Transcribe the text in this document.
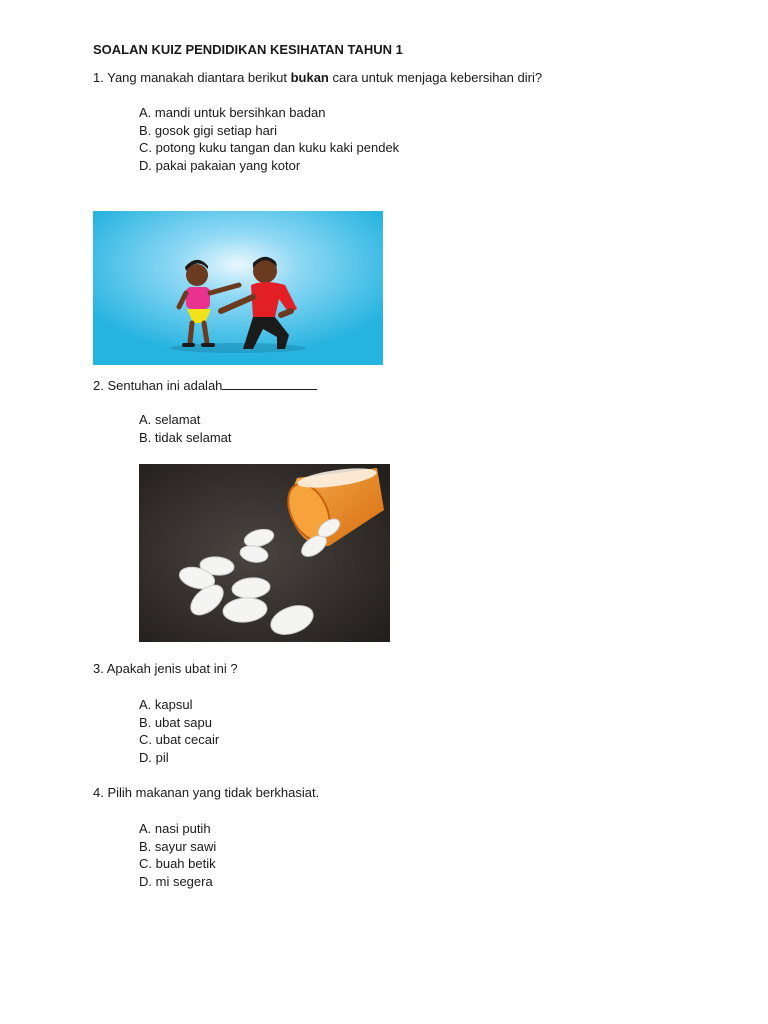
SOALAN KUIZ PENDIDIKAN KESIHATAN TAHUN 1
1. Yang manakah diantara berikut bukan cara untuk menjaga kebersihan diri?
A. mandi untuk bersihkan badan
B. gosok gigi setiap hari
C. potong kuku tangan dan kuku kaki pendek
D. pakai pakaian yang kotor
2. Sentuhan ini adalah
A. selamat
B. tidak selamat
3. Apakah jenis ubat ini ?
A. kapsul
B. ubat sapu
C. ubat cecair
D. pil
4. Pilih makanan yang tidak berkhasiat.
A. nasi putih
B. sayur sawi
C. buah betik
D. mi segera
